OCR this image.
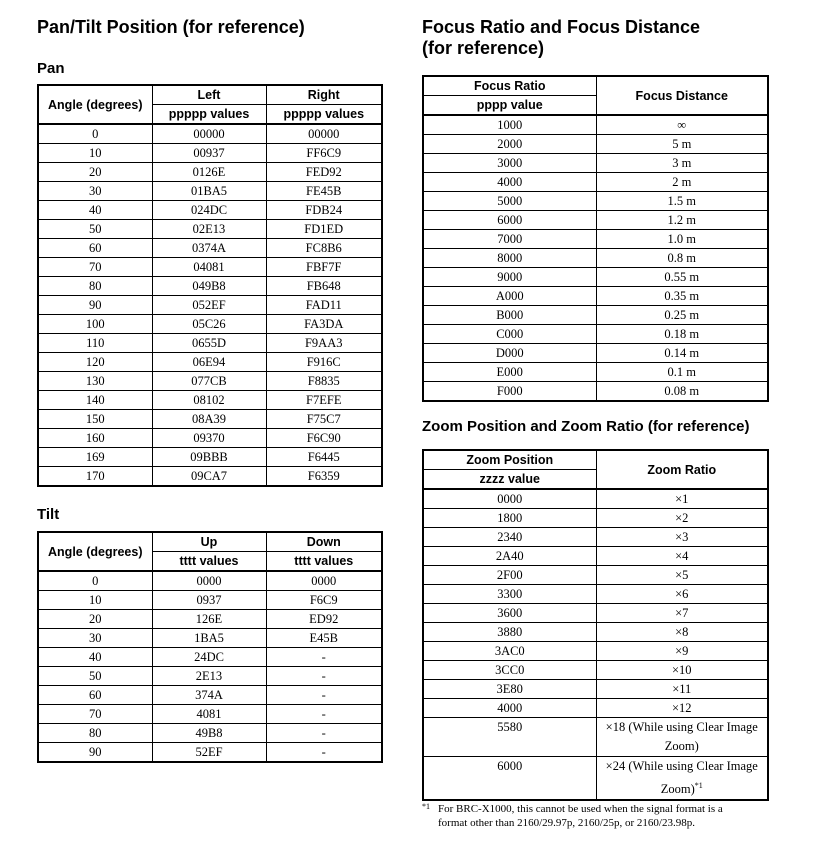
Pan/Tilt Position (for reference)
Pan
Angle (degrees)	Left	Right
	ppppp values	ppppp values
0	00000	00000
10	00937	FF6C9
20	0126E	FED92
30	01BA5	FE45B
40	024DC	FDB24
50	02E13	FD1ED
60	0374A	FC8B6
70	04081	FBF7F
80	049B8	FB648
90	052EF	FAD11
100	05C26	FA3DA
110	0655D	F9AA3
120	06E94	F916C
130	077CB	F8835
140	08102	F7EFE
150	08A39	F75C7
160	09370	F6C90
169	09BBB	F6445
170	09CA7	F6359
Tilt
Angle (degrees)	Up	Down
	tttt values	tttt values
0	0000	0000
10	0937	F6C9
20	126E	ED92
30	1BA5	E45B
40	24DC	-
50	2E13	-
60	374A	-
70	4081	-
80	49B8	-
90	52EF	-
Focus Ratio and Focus Distance
(for reference)
Focus Ratio	Focus Distance
pppp value	
1000	∞
2000	5 m
3000	3 m
4000	2 m
5000	1.5 m
6000	1.2 m
7000	1.0 m
8000	0.8 m
9000	0.55 m
A000	0.35 m
B000	0.25 m
C000	0.18 m
D000	0.14 m
E000	0.1 m
F000	0.08 m
Zoom Position and Zoom Ratio (for reference)
Zoom Position	Zoom Ratio
zzzz value	
0000	×1
1800	×2
2340	×3
2A40	×4
2F00	×5
3300	×6
3600	×7
3880	×8
3AC0	×9
3CC0	×10
3E80	×11
4000	×12

5580	×18 (While using Clear Image
Zoom)

6000	×24 (While using Clear Image
Zoom)$^{*1}$
*1 For BRC-X1000, this cannot be used when the signal format is a
format other than 2160/29.97p, 2160/25p, or 2160/23.98p.
